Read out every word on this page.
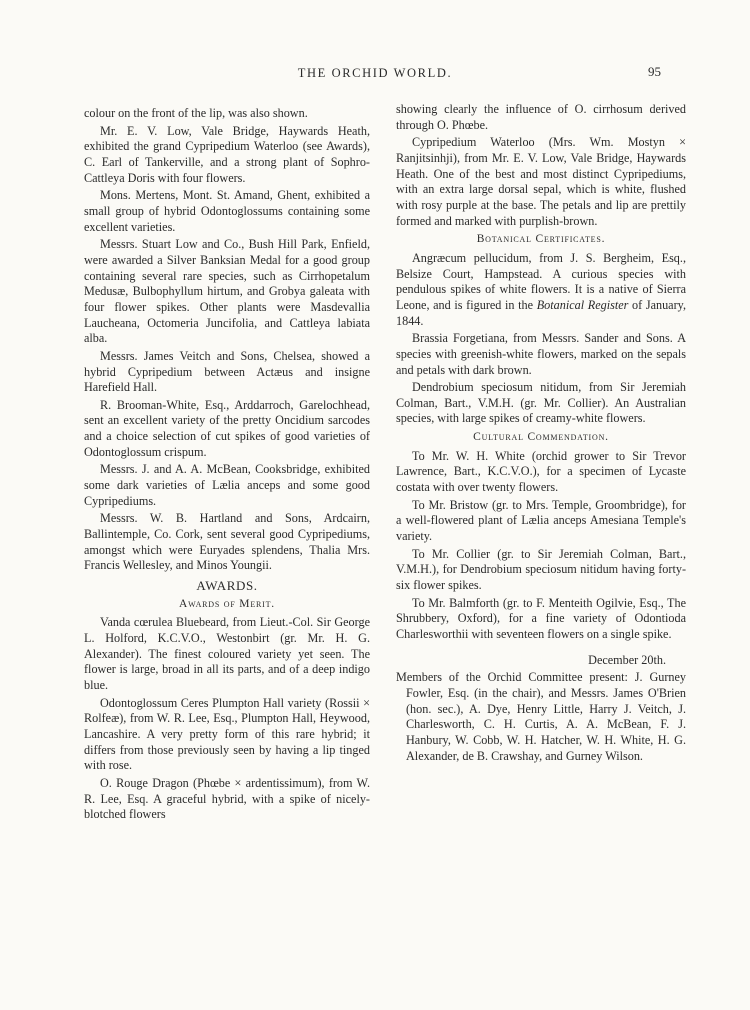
THE ORCHID WORLD.	95

colour on the front of the lip, was also shown.

Mr. E. V. Low, Vale Bridge, Haywards Heath, exhibited the grand Cypripedium Waterloo (see Awards), C. Earl of Tankerville, and a strong plant of Sophro-Cattleya Doris with four flowers.

Mons. Mertens, Mont. St. Amand, Ghent, exhibited a small group of hybrid Odontoglossums containing some excellent varieties.

Messrs. Stuart Low and Co., Bush Hill Park, Enfield, were awarded a Silver Banksian Medal for a good group containing several rare species, such as Cirrhopetalum Medusæ, Bulbophyllum hirtum, and Grobya galeata with four flower spikes. Other plants were Masdevallia Laucheana, Octomeria Juncifolia, and Cattleya labiata alba.

Messrs. James Veitch and Sons, Chelsea, showed a hybrid Cypripedium between Actæus and insigne Harefield Hall.

R. Brooman-White, Esq., Arddarroch, Garelochhead, sent an excellent variety of the pretty Oncidium sarcodes and a choice selection of cut spikes of good varieties of Odontoglossum crispum.

Messrs. J. and A. A. McBean, Cooksbridge, exhibited some dark varieties of Lælia anceps and some good Cypripediums.

Messrs. W. B. Hartland and Sons, Ardcairn, Ballintemple, Co. Cork, sent several good Cypripediums, amongst which were Euryades splendens, Thalia Mrs. Francis Wellesley, and Minos Youngii.

AWARDS.
Awards of Merit.

Vanda cœrulea Bluebeard, from Lieut.-Col. Sir George L. Holford, K.C.V.O., Westonbirt (gr. Mr. H. G. Alexander). The finest coloured variety yet seen. The flower is large, broad in all its parts, and of a deep indigo blue.

Odontoglossum Ceres Plumpton Hall variety (Rossii × Rolfeæ), from W. R. Lee, Esq., Plumpton Hall, Heywood, Lancashire. A very pretty form of this rare hybrid; it differs from those previously seen by having a lip tinged with rose.

O. Rouge Dragon (Phœbe × ardentissimum), from W. R. Lee, Esq. A graceful hybrid, with a spike of nicely-blotched flowers

showing clearly the influence of O. cirrhosum derived through O. Phœbe.

Cypripedium Waterloo (Mrs. Wm. Mostyn × Ranjitsinhji), from Mr. E. V. Low, Vale Bridge, Haywards Heath. One of the best and most distinct Cypripediums, with an extra large dorsal sepal, which is white, flushed with rosy purple at the base. The petals and lip are prettily formed and marked with purplish-brown.

Botanical Certificates.

Angræcum pellucidum, from J. S. Bergheim, Esq., Belsize Court, Hampstead. A curious species with pendulous spikes of white flowers. It is a native of Sierra Leone, and is figured in the Botanical Register of January, 1844.

Brassia Forgetiana, from Messrs. Sander and Sons. A species with greenish-white flowers, marked on the sepals and petals with dark brown.

Dendrobium speciosum nitidum, from Sir Jeremiah Colman, Bart., V.M.H. (gr. Mr. Collier). An Australian species, with large spikes of creamy-white flowers.

Cultural Commendation.

To Mr. W. H. White (orchid grower to Sir Trevor Lawrence, Bart., K.C.V.O.), for a specimen of Lycaste costata with over twenty flowers.

To Mr. Bristow (gr. to Mrs. Temple, Groombridge), for a well-flowered plant of Lælia anceps Amesiana Temple's variety.

To Mr. Collier (gr. to Sir Jeremiah Colman, Bart., V.M.H.), for Dendrobium speciosum nitidum having forty-six flower spikes.

To Mr. Balmforth (gr. to F. Menteith Ogilvie, Esq., The Shrubbery, Oxford), for a fine variety of Odontioda Charlesworthii with seventeen flowers on a single spike.

December 20th.

Members of the Orchid Committee present: J. Gurney Fowler, Esq. (in the chair), and Messrs. James O'Brien (hon. sec.), A. Dye, Henry Little, Harry J. Veitch, J. Charlesworth, C. H. Curtis, A. A. McBean, F. J. Hanbury, W. Cobb, W. H. Hatcher, W. H. White, H. G. Alexander, de B. Crawshay, and Gurney Wilson.
